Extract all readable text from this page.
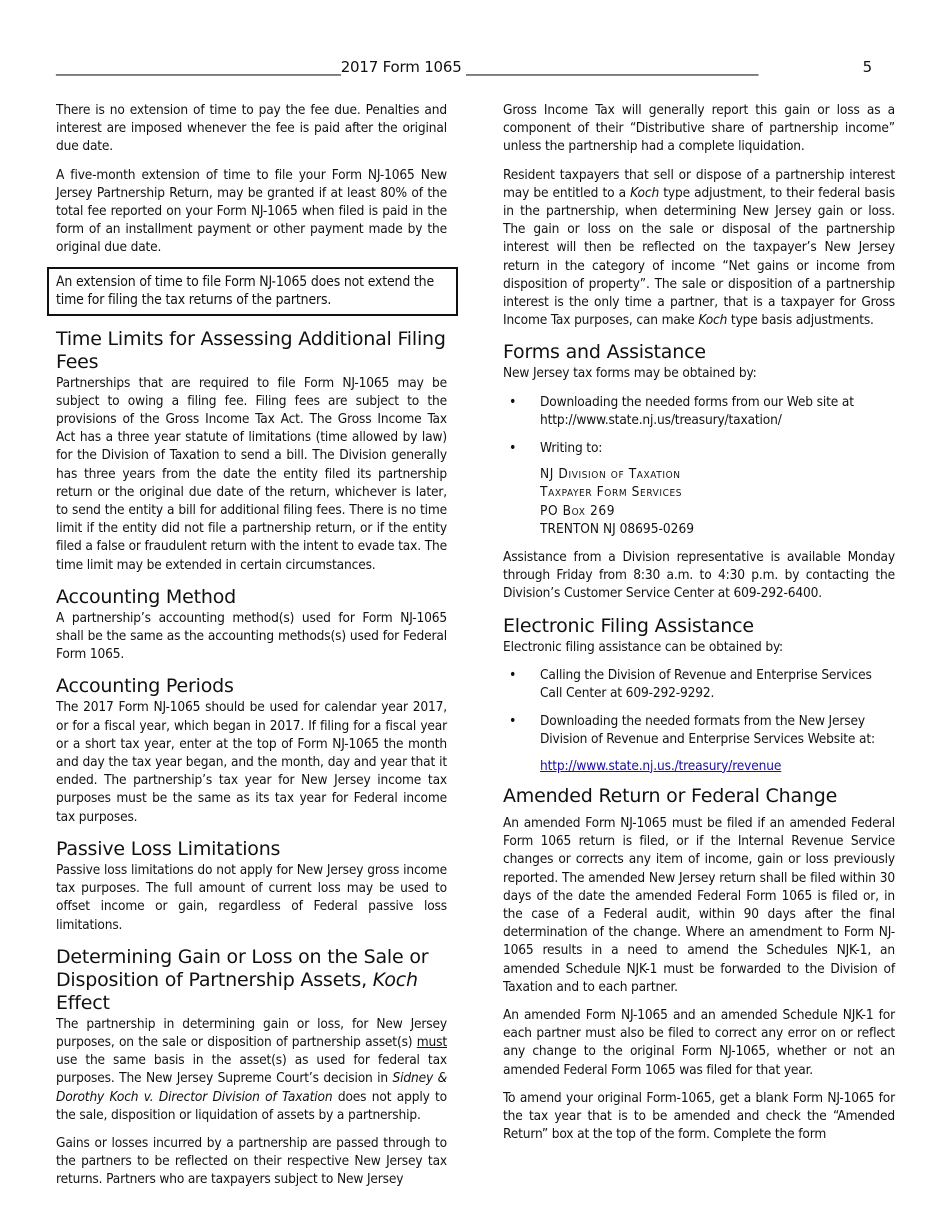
_______________________________________2017 Form 1065 ________________________________________	5

There is no extension of time to pay the fee due. Penalties and interest are imposed whenever the fee is paid after the original due date.

A five-month extension of time to file your Form NJ-1065 New Jersey Partnership Return, may be granted if at least 80% of the total fee reported on your Form NJ-1065 when filed is paid in the form of an installment payment or other payment made by the original due date.

An extension of time to file Form NJ-1065 does not extend the time for filing the tax returns of the partners.

Time Limits for Assessing Additional Filing Fees

Partnerships that are required to file Form NJ-1065 may be subject to owing a filing fee. Filing fees are subject to the provisions of the Gross Income Tax Act. The Gross Income Tax Act has a three year statute of limitations (time allowed by law) for the Division of Taxation to send a bill. The Division generally has three years from the date the entity filed its partnership return or the original due date of the return, whichever is later, to send the entity a bill for additional filing fees. There is no time limit if the entity did not file a partnership return, or if the entity filed a false or fraudulent return with the intent to evade tax. The time limit may be extended in certain circumstances.

Accounting Method

A partnership’s accounting method(s) used for Form NJ-1065 shall be the same as the accounting methods(s) used for Federal Form 1065.

Accounting Periods

The 2017 Form NJ-1065 should be used for calendar year 2017, or for a fiscal year, which began in 2017. If filing for a fiscal year or a short tax year, enter at the top of Form NJ-1065 the month and day the tax year began, and the month, day and year that it ended. The partnership’s tax year for New Jersey income tax purposes must be the same as its tax year for Federal income tax purposes.

Passive Loss Limitations

Passive loss limitations do not apply for New Jersey gross income tax purposes. The full amount of current loss may be used to offset income or gain, regardless of Federal passive loss limitations.

Determining Gain or Loss on the Sale or Disposition of Partnership Assets, Koch Effect

The partnership in determining gain or loss, for New Jersey purposes, on the sale or disposition of partnership asset(s) must use the same basis in the asset(s) as used for federal tax purposes. The New Jersey Supreme Court’s decision in Sidney & Dorothy Koch v. Director Division of Taxation does not apply to the sale, disposition or liquidation of assets by a partnership.

Gains or losses incurred by a partnership are passed through to the partners to be reflected on their respective New Jersey tax returns. Partners who are taxpayers subject to New Jersey

Gross Income Tax will generally report this gain or loss as a component of their “Distributive share of partnership income” unless the partnership had a complete liquidation.

Resident taxpayers that sell or dispose of a partnership interest may be entitled to a Koch type adjustment, to their federal basis in the partnership, when determining New Jersey gain or loss. The gain or loss on the sale or disposal of the partnership interest will then be reflected on the taxpayer’s New Jersey return in the category of income “Net gains or income from disposition of property”. The sale or disposition of a partnership interest is the only time a partner, that is a taxpayer for Gross Income Tax purposes, can make Koch type basis adjustments.

Forms and Assistance

New Jersey tax forms may be obtained by:

• Downloading the needed forms from our Web site at http://www.state.nj.us/treasury/taxation/

• Writing to:

NJ Division of Taxation
Taxpayer Form Services
PO Box 269
TRENTON NJ 08695-0269

Assistance from a Division representative is available Monday through Friday from 8:30 a.m. to 4:30 p.m. by contacting the Division’s Customer Service Center at 609-292-6400.

Electronic Filing Assistance

Electronic filing assistance can be obtained by:

• Calling the Division of Revenue and Enterprise Services Call Center at 609-292-9292.

• Downloading the needed formats from the New Jersey Division of Revenue and Enterprise Services Website at:

http://www.state.nj.us./treasury/revenue

Amended Return or Federal Change

An amended Form NJ-1065 must be filed if an amended Federal Form 1065 return is filed, or if the Internal Revenue Service changes or corrects any item of income, gain or loss previously reported. The amended New Jersey return shall be filed within 30 days of the date the amended Federal Form 1065 is filed or, in the case of a Federal audit, within 90 days after the final determination of the change. Where an amendment to Form NJ-1065 results in a need to amend the Schedules NJK-1, an amended Schedule NJK-1 must be forwarded to the Division of Taxation and to each partner.

An amended Form NJ-1065 and an amended Schedule NJK-1 for each partner must also be filed to correct any error on or reflect any change to the original Form NJ-1065, whether or not an amended Federal Form 1065 was filed for that year.

To amend your original Form-1065, get a blank Form NJ-1065 for the tax year that is to be amended and check the “Amended Return” box at the top of the form. Complete the form
